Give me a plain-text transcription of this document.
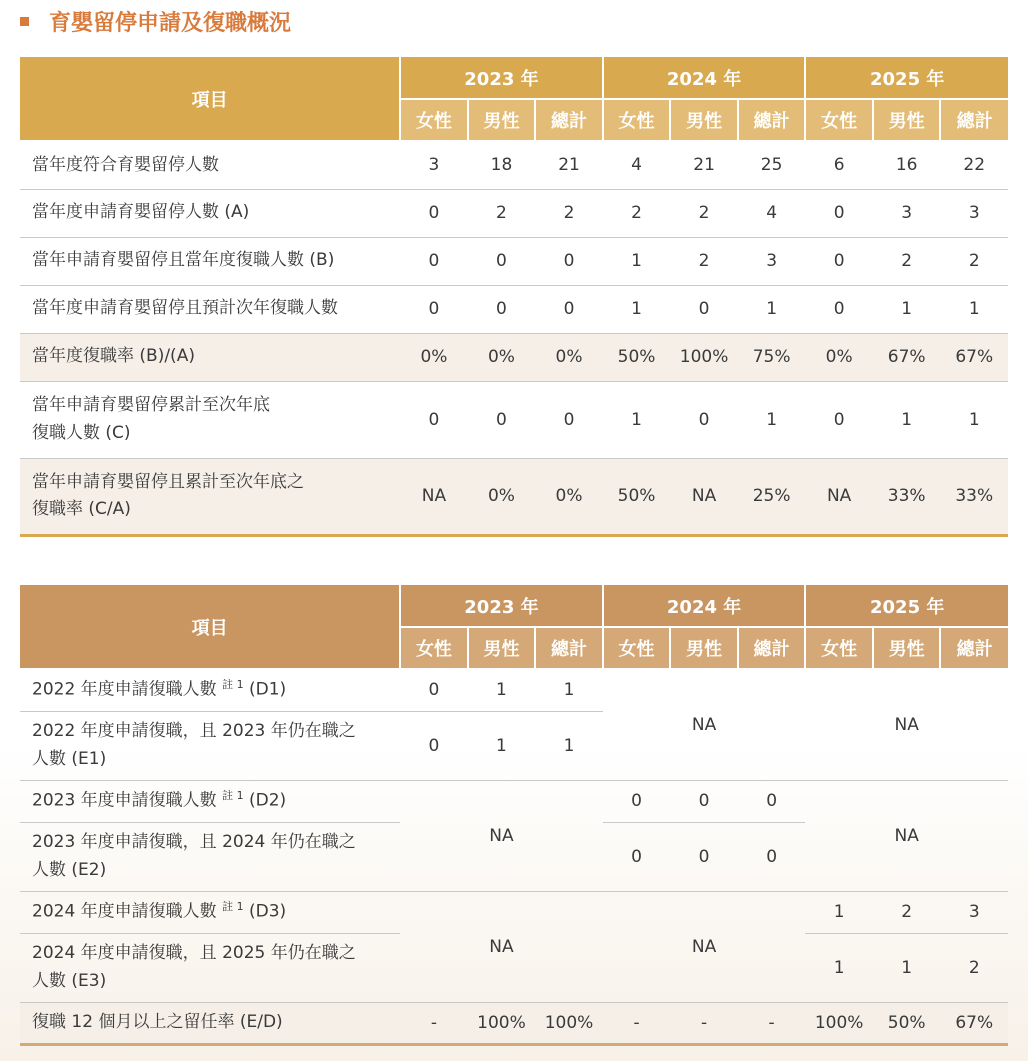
育嬰留停申請及復職概況
項目	2023 年			2024 年			2025 年		
	女性	男性	總計	女性	男性	總計	女性	男性	總計
當年度符合育嬰留停人數	3	18	21	4	21	25	6	16	22
當年度申請育嬰留停人數 (A)	0	2	2	2	2	4	0	3	3
當年申請育嬰留停且當年度復職人數 (B)	0	0	0	1	2	3	0	2	2
當年度申請育嬰留停且預計次年復職人數	0	0	0	1	0	1	0	1	1
當年度復職率 (B)/(A)	0%	0%	0%	50%	100%	75%	0%	67%	67%
當年申請育嬰留停累計至次年底
復職人數 (C)	0	0	0	1	0	1	0	1	1
當年申請育嬰留停且累計至次年底之
復職率 (C/A)	NA	0%	0%	50%	NA	25%	NA	33%	33%
項目	2023 年			2024 年			2025 年		
	女性	男性	總計	女性	男性	總計	女性	男性	總計
2022 年度申請復職人數 $^{註 1}$ (D1)	0	1	1	NA			NA		
2022 年度申請復職，且 2023 年仍在職之
人數 (E1)	0	1	1						
2023 年度申請復職人數 $^{註 1}$ (D2)	NA			0	0	0	NA		
2023 年度申請復職，且 2024 年仍在職之
人數 (E2)				0	0	0			
2024 年度申請復職人數 $^{註 1}$ (D3)	NA			NA			1	2	3
2024 年度申請復職，且 2025 年仍在職之
人數 (E3)							1	1	2
復職 12 個月以上之留任率 (E/D)	-	100%	100%	-	-	-	100%	50%	67%
